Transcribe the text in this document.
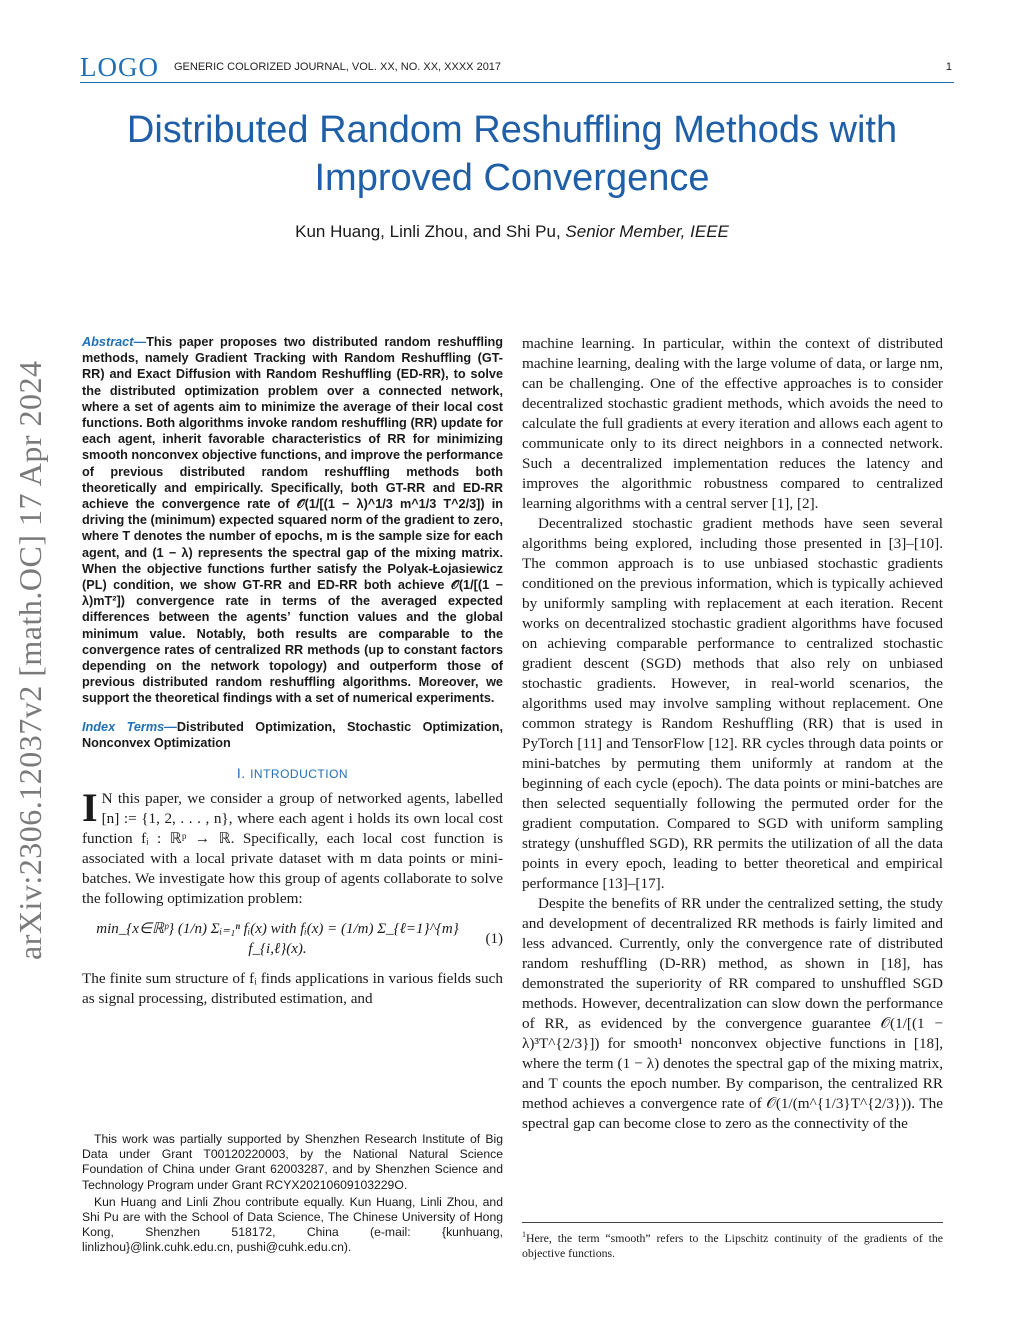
LOGO GENERIC COLORIZED JOURNAL, VOL. XX, NO. XX, XXXX 2017	1
Distributed Random Reshuffling Methods with Improved Convergence
Kun Huang, Linli Zhou, and Shi Pu, Senior Member, IEEE
arXiv:2306.12037v2 [math.OC] 17 Apr 2024

Abstract—This paper proposes two distributed random reshuffling methods, namely Gradient Tracking with Random Reshuffling (GT-RR) and Exact Diffusion with Random Reshuffling (ED-RR), to solve the distributed optimization problem over a connected network, where a set of agents aim to minimize the average of their local cost functions. Both algorithms invoke random reshuffling (RR) update for each agent, inherit favorable characteristics of RR for minimizing smooth nonconvex objective functions, and improve the performance of previous distributed random reshuffling methods both theoretically and empirically. Specifically, both GT-RR and ED-RR achieve the convergence rate of 𝒪(1/[(1 − λ)^1/3 m^1/3 T^2/3]) in driving the (minimum) expected squared norm of the gradient to zero, where T denotes the number of epochs, m is the sample size for each agent, and (1 − λ) represents the spectral gap of the mixing matrix. When the objective functions further satisfy the Polyak-Łojasiewicz (PL) condition, we show GT-RR and ED-RR both achieve 𝒪(1/[(1 − λ)mT²]) convergence rate in terms of the averaged expected differences between the agents’ function values and the global minimum value. Notably, both results are comparable to the convergence rates of centralized RR methods (up to constant factors depending on the network topology) and outperform those of previous distributed random reshuffling algorithms. Moreover, we support the theoretical findings with a set of numerical experiments.

Index Terms—Distributed Optimization, Stochastic Optimization, Nonconvex Optimization

I. INTRODUCTION

I N this paper, we consider a group of networked agents, labelled [n] := {1, 2, . . . , n}, where each agent i holds its own local cost function fᵢ : ℝᵖ → ℝ. Specifically, each local cost function is associated with a local private dataset with m data points or mini-batches. We investigate how this group of agents collaborate to solve the following optimization problem:

min_{x∈ℝᵖ} (1/n) Σᵢ₌₁ⁿ fᵢ(x) with fᵢ(x) = (1/m) Σ_{ℓ=1}^{m} f_{i,ℓ}(x).
(1)

The finite sum structure of fᵢ finds applications in various fields such as signal processing, distributed estimation, and

This work was partially supported by Shenzhen Research Institute of Big Data under Grant T00120220003, by the National Natural Science Foundation of China under Grant 62003287, and by Shenzhen Science and Technology Program under Grant RCYX20210609103229O.

Kun Huang and Linli Zhou contribute equally. Kun Huang, Linli Zhou, and Shi Pu are with the School of Data Science, The Chinese University of Hong Kong, Shenzhen 518172, China (e-mail: {kunhuang, linlizhou}@link.cuhk.edu.cn, pushi@cuhk.edu.cn).

machine learning. In particular, within the context of distributed machine learning, dealing with the large volume of data, or large nm, can be challenging. One of the effective approaches is to consider decentralized stochastic gradient methods, which avoids the need to calculate the full gradients at every iteration and allows each agent to communicate only to its direct neighbors in a connected network. Such a decentralized implementation reduces the latency and improves the algorithmic robustness compared to centralized learning algorithms with a central server [1], [2].

Decentralized stochastic gradient methods have seen several algorithms being explored, including those presented in [3]–[10]. The common approach is to use unbiased stochastic gradients conditioned on the previous information, which is typically achieved by uniformly sampling with replacement at each iteration. Recent works on decentralized stochastic gradient algorithms have focused on achieving comparable performance to centralized stochastic gradient descent (SGD) methods that also rely on unbiased stochastic gradients. However, in real-world scenarios, the algorithms used may involve sampling without replacement. One common strategy is Random Reshuffling (RR) that is used in PyTorch [11] and TensorFlow [12]. RR cycles through data points or mini-batches by permuting them uniformly at random at the beginning of each cycle (epoch). The data points or mini-batches are then selected sequentially following the permuted order for the gradient computation. Compared to SGD with uniform sampling strategy (unshuffled SGD), RR permits the utilization of all the data points in every epoch, leading to better theoretical and empirical performance [13]–[17].

Despite the benefits of RR under the centralized setting, the study and development of decentralized RR methods is fairly limited and less advanced. Currently, only the convergence rate of distributed random reshuffling (D-RR) method, as shown in [18], has demonstrated the superiority of RR compared to unshuffled SGD methods. However, decentralization can slow down the performance of RR, as evidenced by the convergence guarantee 𝒪(1/[(1 − λ)³T^{2/3}]) for smooth¹ nonconvex objective functions in [18], where the term (1 − λ) denotes the spectral gap of the mixing matrix, and T counts the epoch number. By comparison, the centralized RR method achieves a convergence rate of 𝒪(1/(m^{1/3}T^{2/3})). The spectral gap can become close to zero as the connectivity of the

$^1$Here, the term “smooth” refers to the Lipschitz continuity of the gradients of the objective functions.
